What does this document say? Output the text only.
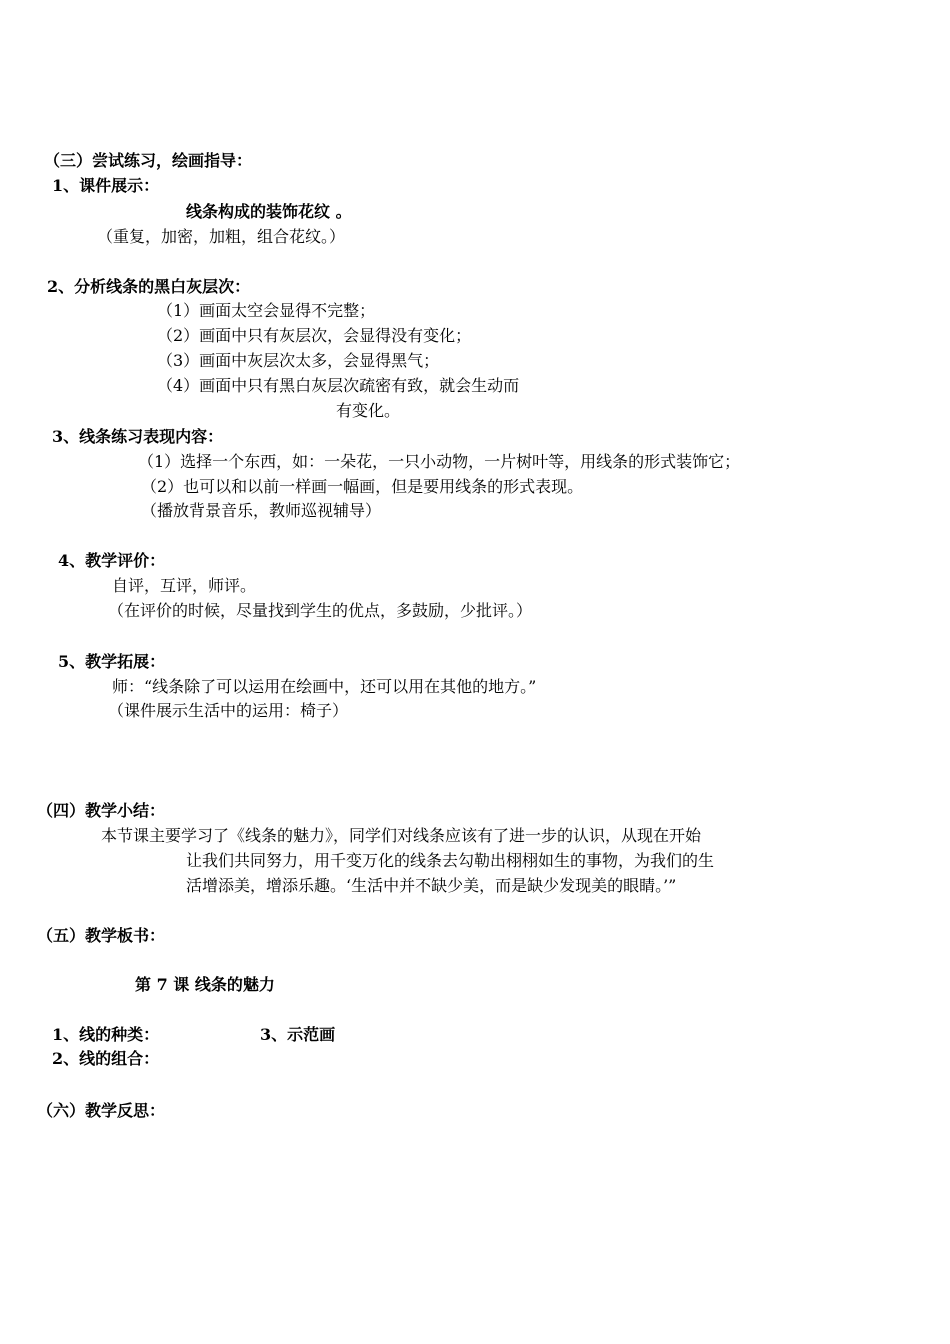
（三）尝试练习，绘画指导：
1、课件展示：
线条构成的装饰花纹 。
（重复，加密，加粗，组合花纹。）
2、分析线条的黑白灰层次：
（1）画面太空会显得不完整；
（2）画面中只有灰层次，会显得没有变化；
（3）画面中灰层次太多，会显得黑气；
（4）画面中只有黑白灰层次疏密有致，就会生动而
有变化。
3、线条练习表现内容：
（1）选择一个东西，如：一朵花，一只小动物，一片树叶等，用线条的形式装饰它；
（2）也可以和以前一样画一幅画，但是要用线条的形式表现。
（播放背景音乐，教师巡视辅导）
4、教学评价：
自评，互评，师评。
（在评价的时候，尽量找到学生的优点，多鼓励，少批评。）
5、教学拓展：
师：“线条除了可以运用在绘画中，还可以用在其他的地方。”
（课件展示生活中的运用：椅子）
（四）教学小结：
本节课主要学习了《线条的魅力》，同学们对线条应该有了进一步的认识，从现在开始
让我们共同努力，用千变万化的线条去勾勒出栩栩如生的事物，为我们的生
活增添美，增添乐趣。‘生活中并不缺少美，而是缺少发现美的眼睛。’”
（五）教学板书：
第 7 课 线条的魅力
1、线的种类：	3、示范画
2、线的组合：
（六）教学反思：
